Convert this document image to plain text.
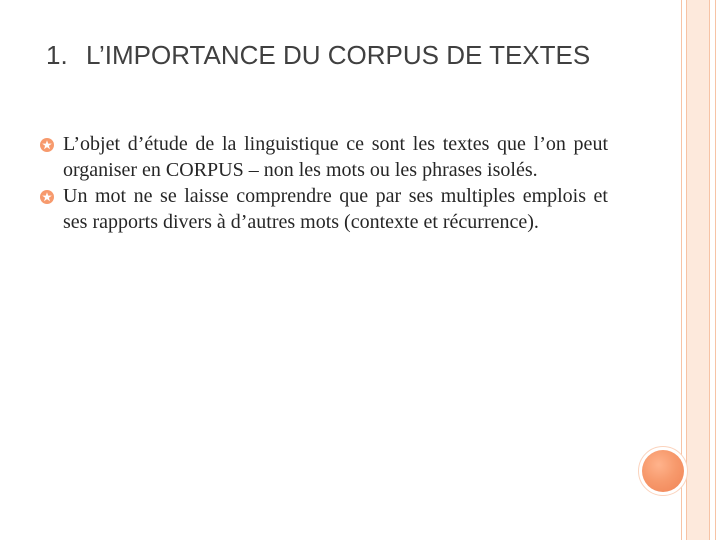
1. L’IMPORTANCE DU CORPUS DE TEXTES
L’objet d’étude de la linguistique ce sont les textes que l’on peut organiser en CORPUS – non les mots ou les phrases isolés.
Un mot ne se laisse comprendre que par ses multiples emplois et ses rapports divers à d’autres mots (contexte et récurrence).
